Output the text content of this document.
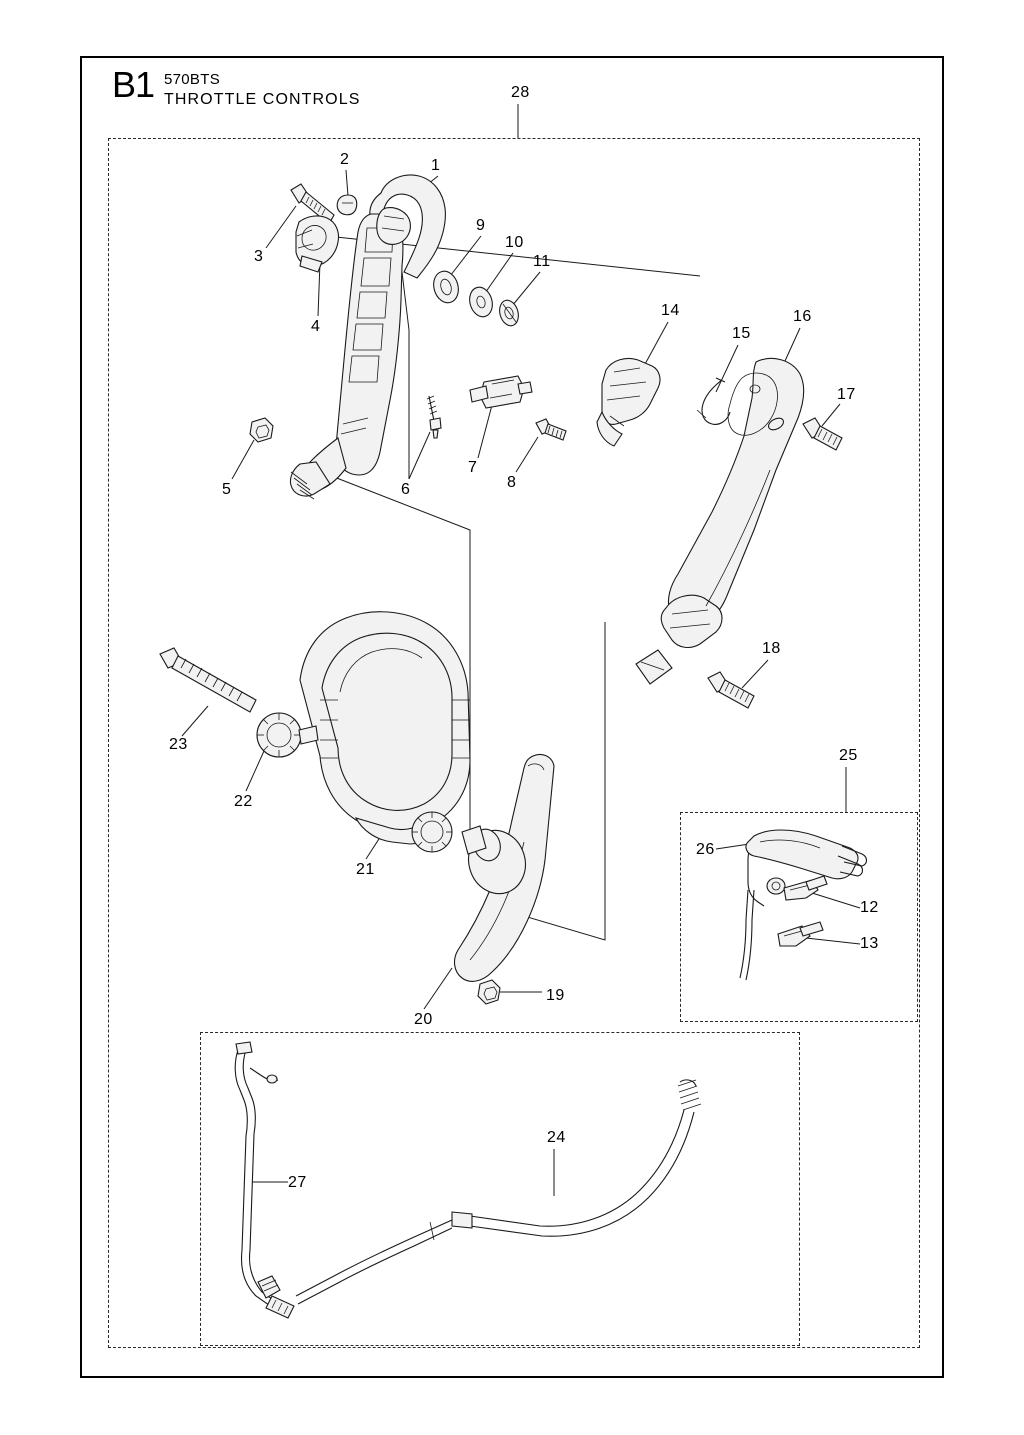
B1 570BTS
THROTTLE CONTROLS
1
2
3
4
5	6
7
8
9
10
11
12
13
14
15
16
17
18
19
20
21
22
23
24
25
26
27
28
